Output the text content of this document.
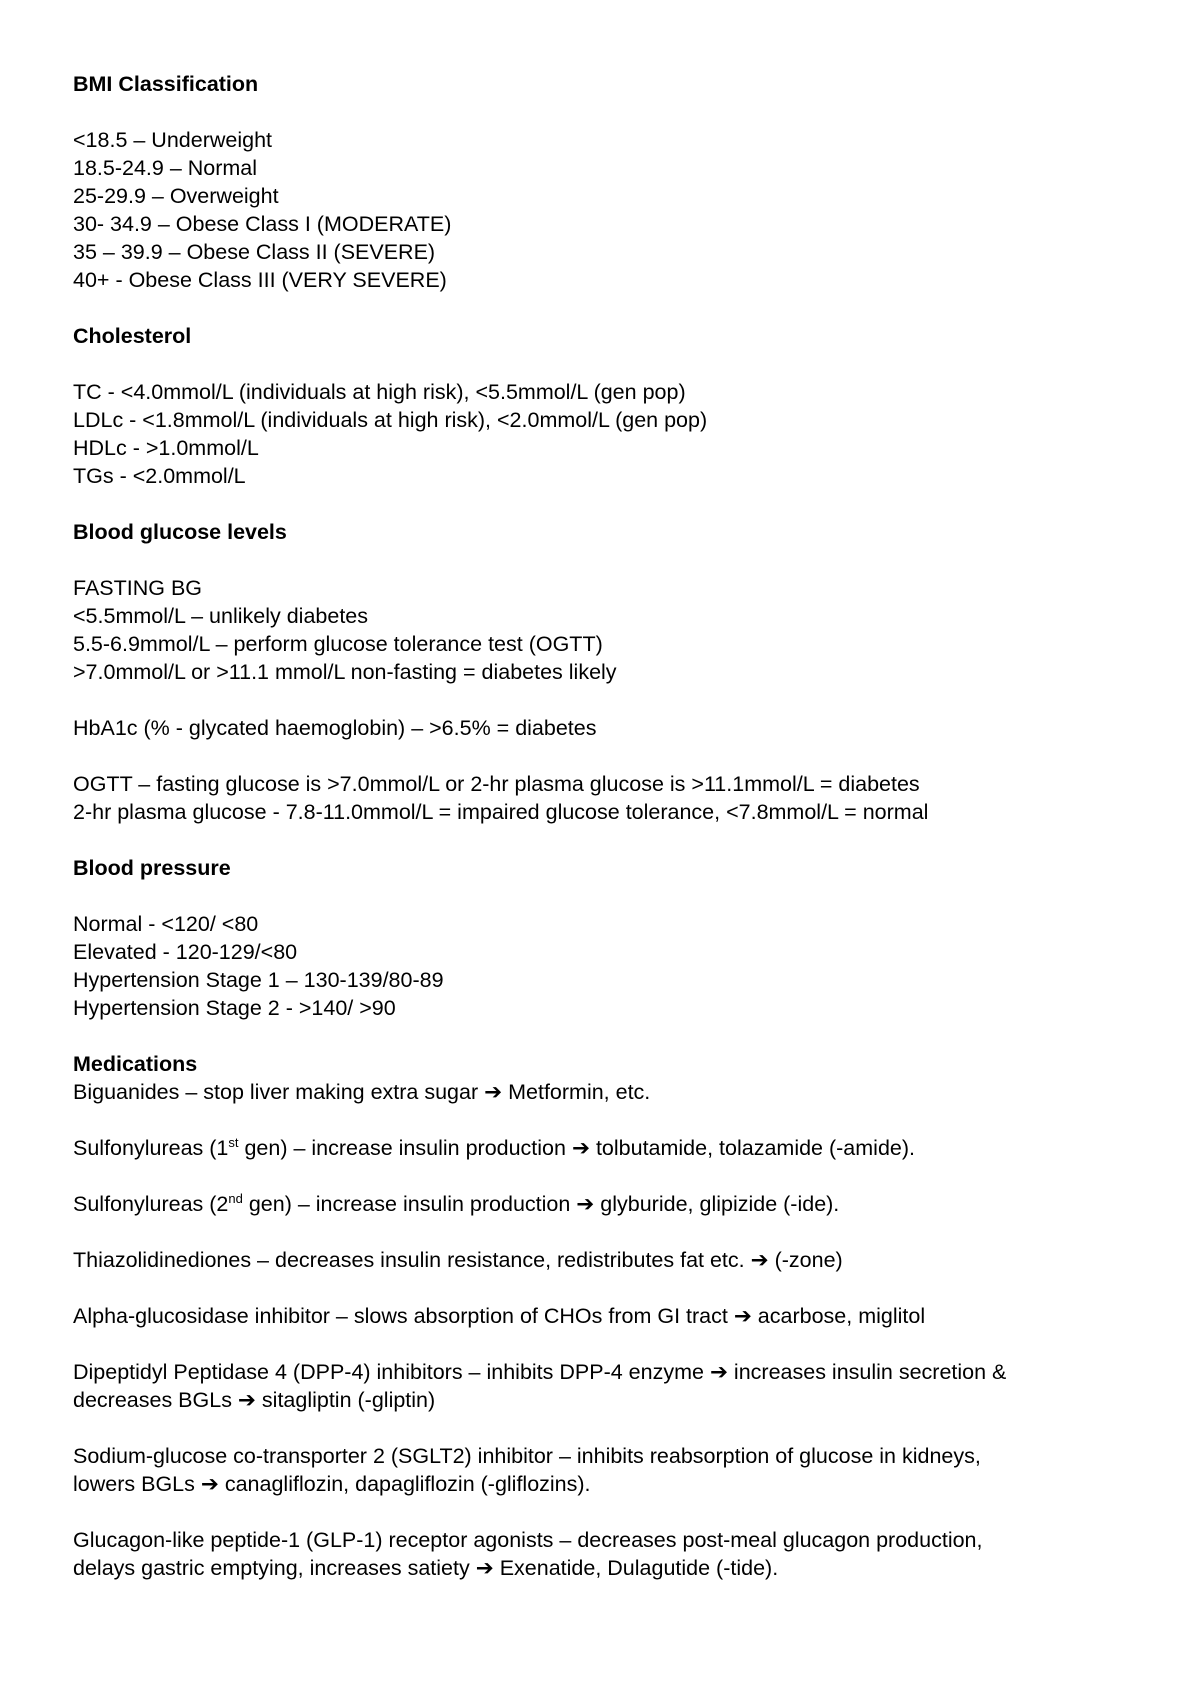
BMI Classification
<18.5 – Underweight
18.5-24.9 – Normal
25-29.9 – Overweight
30- 34.9 – Obese Class I (MODERATE)
35 – 39.9 – Obese Class II (SEVERE)
40+ - Obese Class III (VERY SEVERE)
Cholesterol
TC - <4.0mmol/L (individuals at high risk), <5.5mmol/L (gen pop)
LDLc - <1.8mmol/L (individuals at high risk), <2.0mmol/L (gen pop)
HDLc - >1.0mmol/L
TGs - <2.0mmol/L
Blood glucose levels
FASTING BG
<5.5mmol/L – unlikely diabetes
5.5-6.9mmol/L – perform glucose tolerance test (OGTT)
>7.0mmol/L or >11.1 mmol/L non-fasting = diabetes likely
HbA1c (% - glycated haemoglobin) – >6.5% = diabetes
OGTT – fasting glucose is >7.0mmol/L or 2-hr plasma glucose is >11.1mmol/L = diabetes
2-hr plasma glucose - 7.8-11.0mmol/L = impaired glucose tolerance, <7.8mmol/L = normal
Blood pressure
Normal - <120/ <80
Elevated - 120-129/<80
Hypertension Stage 1 – 130-139/80-89
Hypertension Stage 2 - >140/ >90
Medications
Biguanides – stop liver making extra sugar ➔ Metformin, etc.
Sulfonylureas (1st gen) – increase insulin production ➔ tolbutamide, tolazamide (-amide).
Sulfonylureas (2nd gen) – increase insulin production ➔ glyburide, glipizide (-ide).
Thiazolidinediones – decreases insulin resistance, redistributes fat etc. ➔ (-zone)
Alpha-glucosidase inhibitor – slows absorption of CHOs from GI tract ➔ acarbose, miglitol
Dipeptidyl Peptidase 4 (DPP-4) inhibitors – inhibits DPP-4 enzyme ➔ increases insulin secretion &
decreases BGLs ➔ sitagliptin (-gliptin)
Sodium-glucose co-transporter 2 (SGLT2) inhibitor – inhibits reabsorption of glucose in kidneys,
lowers BGLs ➔ canagliflozin, dapagliflozin (-gliflozins).
Glucagon-like peptide-1 (GLP-1) receptor agonists – decreases post-meal glucagon production,
delays gastric emptying, increases satiety ➔ Exenatide, Dulagutide (-tide).
